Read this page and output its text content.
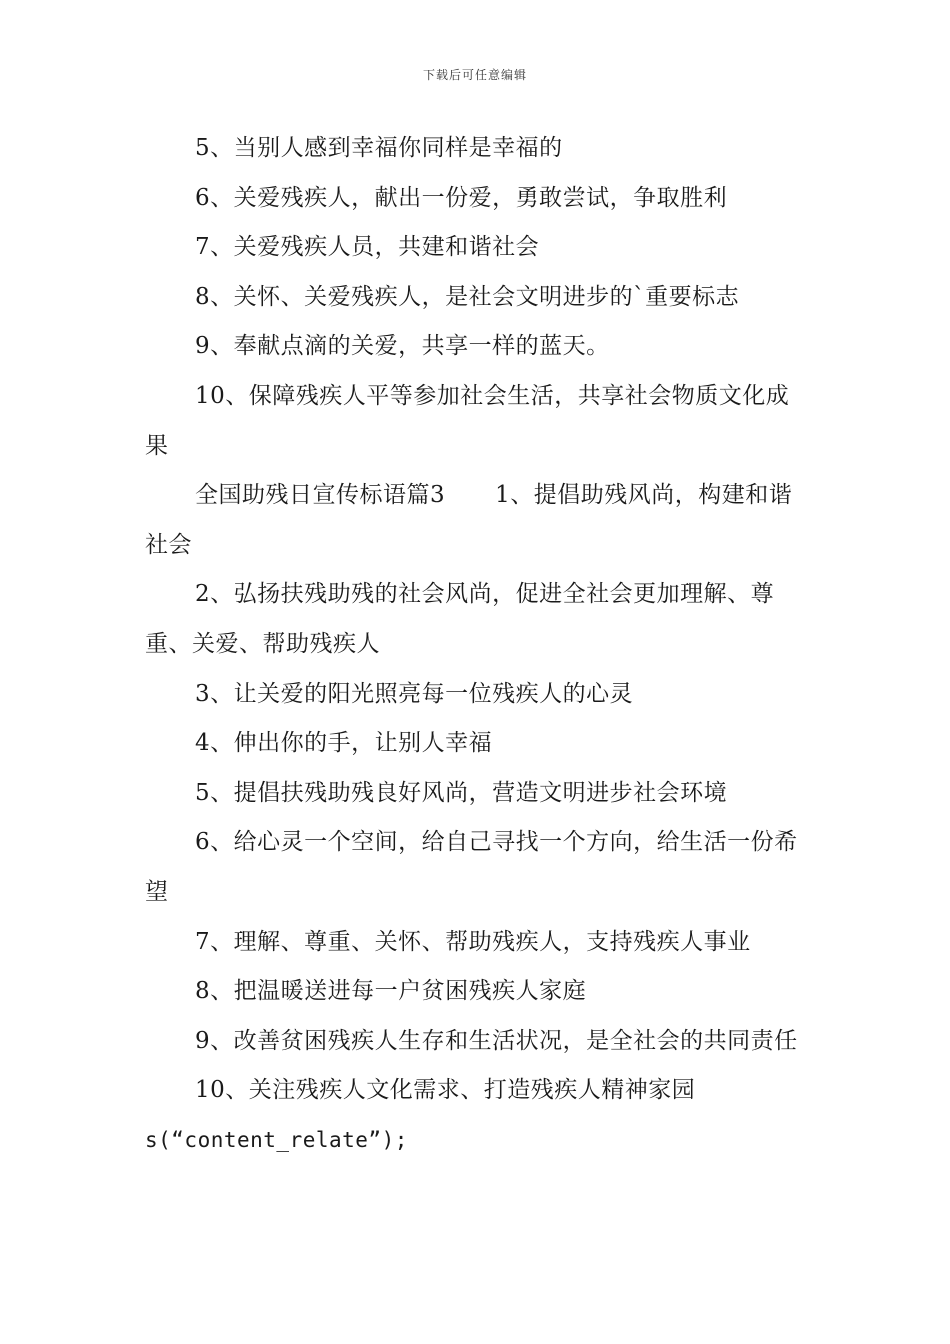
下载后可任意编辑

5、当别人感到幸福你同样是幸福的

6、关爱残疾人，献出一份爱，勇敢尝试，争取胜利

7、关爱残疾人员，共建和谐社会

8、关怀、关爱残疾人，是社会文明进步的`重要标志

9、奉献点滴的关爱，共享一样的蓝天。

10、保障残疾人平等参加社会生活，共享社会物质文化成果

全国助残日宣传标语篇3 1、提倡助残风尚，构建和谐社会

2、弘扬扶残助残的社会风尚，促进全社会更加理解、尊重、关爱、帮助残疾人

3、让关爱的阳光照亮每一位残疾人的心灵

4、伸出你的手，让别人幸福

5、提倡扶残助残良好风尚，营造文明进步社会环境

6、给心灵一个空间，给自己寻找一个方向，给生活一份希望

7、理解、尊重、关怀、帮助残疾人，支持残疾人事业

8、把温暖送进每一户贫困残疾人家庭

9、改善贫困残疾人生存和生活状况，是全社会的共同责任

10、关注残疾人文化需求、打造残疾人精神家园

s(“content_relate”);
